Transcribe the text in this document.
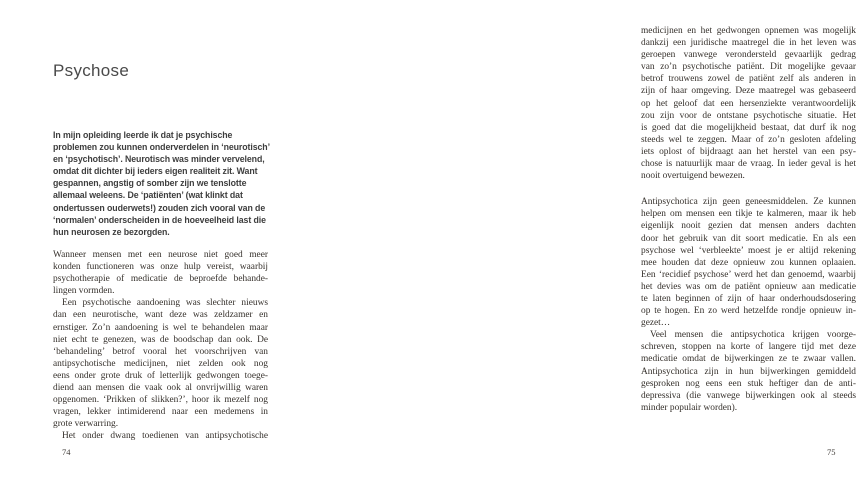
Psychose
In mijn opleiding leerde ik dat je psychische
problemen zou kunnen onderverdelen in ‘neurotisch’
en ‘psychotisch’. Neurotisch was minder vervelend,
omdat dit dichter bij ieders eigen realiteit zit. Want
gespannen, angstig of somber zijn we tenslotte
allemaal weleens. De ‘patiënten’ (wat klinkt dat
ondertussen ouderwets!) zouden zich vooral van de
‘normalen’ onderscheiden in de hoeveelheid last die
hun neurosen ze bezorgden.
Wanneer mensen met een neurose niet goed meer
konden functioneren was onze hulp vereist, waarbij
psychotherapie of medicatie de beproefde behande-
lingen vormden.
Een psychotische aandoening was slechter nieuws
dan een neurotische, want deze was zeldzamer en
ernstiger. Zo’n aandoening is wel te behandelen maar
niet echt te genezen, was de boodschap dan ook. De
‘behandeling’ betrof vooral het voorschrijven van
antipsychotische medicijnen, niet zelden ook nog
eens onder grote druk of letterlijk gedwongen toege-
diend aan mensen die vaak ook al onvrijwillig waren
opgenomen. ‘Prikken of slikken?’, hoor ik mezelf nog
vragen, lekker intimiderend naar een medemens in
grote verwarring.
Het onder dwang toedienen van antipsychotische
74
medicijnen en het gedwongen opnemen was mogelijk
dankzij een juridische maatregel die in het leven was
geroepen vanwege verondersteld gevaarlijk gedrag
van zo’n psychotische patiënt. Dit mogelijke gevaar
betrof trouwens zowel de patiënt zelf als anderen in
zijn of haar omgeving. Deze maatregel was gebaseerd
op het geloof dat een hersenziekte verantwoordelijk
zou zijn voor de ontstane psychotische situatie. Het
is goed dat die mogelijkheid bestaat, dat durf ik nog
steeds wel te zeggen. Maar of zo’n gesloten afdeling
iets oplost of bijdraagt aan het herstel van een psy-
chose is natuurlijk maar de vraag. In ieder geval is het
nooit overtuigend bewezen.
Antipsychotica zijn geen geneesmiddelen. Ze kunnen
helpen om mensen een tikje te kalmeren, maar ik heb
eigenlijk nooit gezien dat mensen anders dachten
door het gebruik van dit soort medicatie. En als een
psychose wel ‘verbleekte’ moest je er altijd rekening
mee houden dat deze opnieuw zou kunnen oplaaien.
Een ‘recidief psychose’ werd het dan genoemd, waarbij
het devies was om de patiënt opnieuw aan medicatie
te laten beginnen of zijn of haar onderhoudsdosering
op te hogen. En zo werd hetzelfde rondje opnieuw in-
gezet…
Veel mensen die antipsychotica krijgen voorge-
schreven, stoppen na korte of langere tijd met deze
medicatie omdat de bijwerkingen ze te zwaar vallen.
Antipsychotica zijn in hun bijwerkingen gemiddeld
gesproken nog eens een stuk heftiger dan de anti-
depressiva (die vanwege bijwerkingen ook al steeds
minder populair worden).
75
